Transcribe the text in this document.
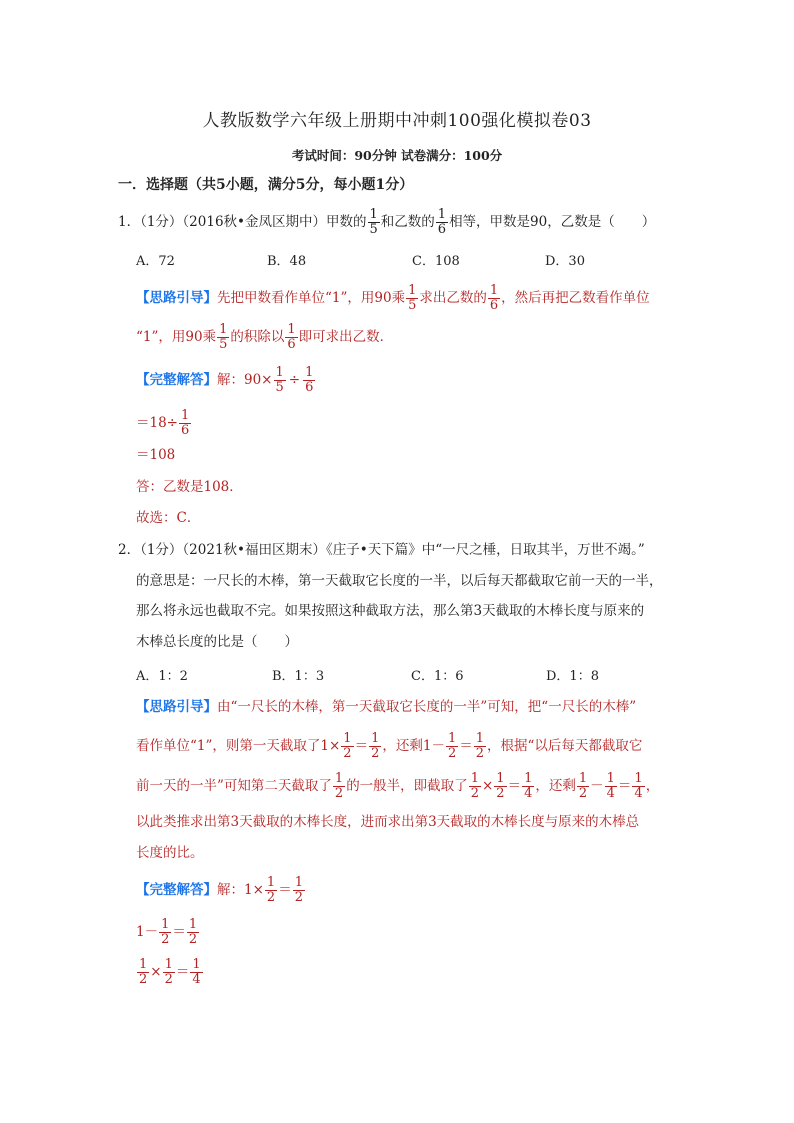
人教版数学六年级上册期中冲刺100强化模拟卷03
考试时间：90分钟 试卷满分：100分
一．选择题（共5小题，满分5分，每小题1分）
1．（1分）（2016秋•金凤区期中）甲数的 $\frac{1}{5}$ 和乙数的 $\frac{1}{6}$ 相等，甲数是90，乙数是（　　）
A．72	B．48	C．108	D．30
【思路引导】先把甲数看作单位“1”，用90乘 $\frac{1}{5}$ 求出乙数的 $\frac{1}{6}$ ，然后再把乙数看作单位
“1”，用90乘 $\frac{1}{5}$ 的积除以 $\frac{1}{6}$ 即可求出乙数．
【完整解答】解：$90\times \frac{1}{5} \div \frac{1}{6}$
$=18\div \frac{1}{6}$
＝108
答：乙数是108．
故选：C．
2．（1分）（2021秋•福田区期末）《庄子•天下篇》中“一尺之棰，日取其半，万世不竭。”
的意思是：一尺长的木棒，第一天截取它长度的一半，以后每天都截取它前一天的一半，
那么将永远也截取不完。如果按照这种截取方法，那么第3天截取的木棒长度与原来的
木棒总长度的比是（　　）
A．1：2	B．1：3	C．1：6	D．1：8
【思路引导】由“一尺长的木棒，第一天截取它长度的一半”可知，把“一尺长的木棒”
看作单位“1”，则第一天截取了$1\times \frac{1}{2} = \frac{1}{2}$ ，还剩$1- \frac{1}{2} = \frac{1}{2}$ ，根据“以后每天都截取它
前一天的一半”可知第二天截取了 $\frac{1}{2}$ 的一般半，即截取了 $\frac{1}{2} \times \frac{1}{2} = \frac{1}{4}$ ，还剩 $\frac{1}{2} - \frac{1}{4} = \frac{1}{4}$ ，
以此类推求出第3天截取的木棒长度，进而求出第3天截取的木棒长度与原来的木棒总
长度的比。
【完整解答】解：$1\times \frac{1}{2} = \frac{1}{2}$
$1- \frac{1}{2} = \frac{1}{2}$
$\frac{1}{2} \times \frac{1}{2} = \frac{1}{4}$
